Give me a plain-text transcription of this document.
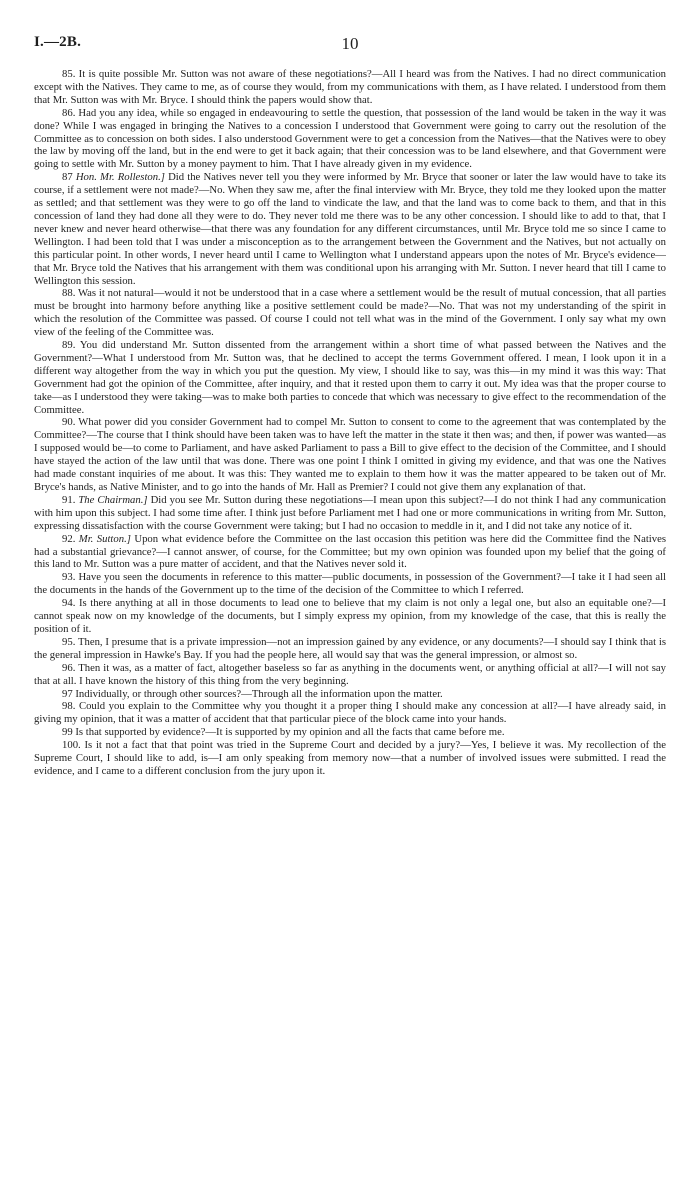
I.—2B.	10

85. It is quite possible Mr. Sutton was not aware of these negotiations?—All I heard was from the Natives. I had no direct communication except with the Natives. They came to me, as of course they would, from my communications with them, as I have related. I understood from them that Mr. Sutton was with Mr. Bryce. I should think the papers would show that.

86. Had you any idea, while so engaged in endeavouring to settle the question, that possession of the land would be taken in the way it was done? While I was engaged in bringing the Natives to a concession I understood that Government were going to carry out the resolution of the Committee as to concession on both sides. I also understood Government were to get a concession from the Natives—that the Natives were to obey the law by moving off the land, but in the end were to get it back again; that their concession was to be land elsewhere, and that Government were going to settle with Mr. Sutton by a money payment to him. That I have already given in my evidence.

87 Hon. Mr. Rolleston.] Did the Natives never tell you they were informed by Mr. Bryce that sooner or later the law would have to take its course, if a settlement were not made?—No. When they saw me, after the final interview with Mr. Bryce, they told me they looked upon the matter as settled; and that settlement was they were to go off the land to vindicate the law, and that the land was to come back to them, and that in this concession of land they had done all they were to do. They never told me there was to be any other concession. I should like to add to that, that I never knew and never heard otherwise—that there was any foundation for any different circumstances, until Mr. Bryce told me so since I came to Wellington. I had been told that I was under a misconception as to the arrangement between the Government and the Natives, but not actually on this particular point. In other words, I never heard until I came to Wellington what I understand appears upon the notes of Mr. Bryce's evidence—that Mr. Bryce told the Natives that his arrangement with them was conditional upon his arranging with Mr. Sutton. I never heard that till I came to Wellington this session.

88. Was it not natural—would it not be understood that in a case where a settlement would be the result of mutual concession, that all parties must be brought into harmony before anything like a positive settlement could be made?—No. That was not my understanding of the spirit in which the resolution of the Committee was passed. Of course I could not tell what was in the mind of the Government. I only say what my own view of the feeling of the Committee was.

89. You did understand Mr. Sutton dissented from the arrangement within a short time of what passed between the Natives and the Government?—What I understood from Mr. Sutton was, that he declined to accept the terms Government offered. I mean, I look upon it in a different way altogether from the way in which you put the question. My view, I should like to say, was this—in my mind it was this way: That Government had got the opinion of the Committee, after inquiry, and that it rested upon them to carry it out. My idea was that the proper course to take—as I understood they were taking—was to make both parties to concede that which was necessary to give effect to the recommendation of the Committee.

90. What power did you consider Government had to compel Mr. Sutton to consent to come to the agreement that was contemplated by the Committee?—The course that I think should have been taken was to have left the matter in the state it then was; and then, if power was wanted—as I supposed would be—to come to Parliament, and have asked Parliament to pass a Bill to give effect to the decision of the Committee, and I should have stayed the action of the law until that was done. There was one point I think I omitted in giving my evidence, and that was one the Natives had made constant inquiries of me about. It was this: They wanted me to explain to them how it was the matter appeared to be taken out of Mr. Bryce's hands, as Native Minister, and to go into the hands of Mr. Hall as Premier? I could not give them any explanation of that.

91. The Chairman.] Did you see Mr. Sutton during these negotiations—I mean upon this subject?—I do not think I had any communication with him upon this subject. I had some time after. I think just before Parliament met I had one or more communications in writing from Mr. Sutton, expressing dissatisfaction with the course Government were taking; but I had no occasion to meddle in it, and I did not take any notice of it.

92. Mr. Sutton.] Upon what evidence before the Committee on the last occasion this petition was here did the Committee find the Natives had a substantial grievance?—I cannot answer, of course, for the Committee; but my own opinion was founded upon my belief that the going of this land to Mr. Sutton was a pure matter of accident, and that the Natives never sold it.

93. Have you seen the documents in reference to this matter—public documents, in possession of the Government?—I take it I had seen all the documents in the hands of the Government up to the time of the decision of the Committee to which I referred.

94. Is there anything at all in those documents to lead one to believe that my claim is not only a legal one, but also an equitable one?—I cannot speak now on my knowledge of the documents, but I simply express my opinion, from my knowledge of the case, that this is really the position of it.

95. Then, I presume that is a private impression—not an impression gained by any evidence, or any documents?—I should say I think that is the general impression in Hawke's Bay. If you had the people here, all would say that was the general impression, or almost so.

96. Then it was, as a matter of fact, altogether baseless so far as anything in the documents went, or anything official at all?—I will not say that at all. I have known the history of this thing from the very beginning.

97 Individually, or through other sources?—Through all the information upon the matter.

98. Could you explain to the Committee why you thought it a proper thing I should make any concession at all?—I have already said, in giving my opinion, that it was a matter of accident that that particular piece of the block came into your hands.

99 Is that supported by evidence?—It is supported by my opinion and all the facts that came before me.

100. Is it not a fact that that point was tried in the Supreme Court and decided by a jury?—Yes, I believe it was. My recollection of the Supreme Court, I should like to add, is—I am only speaking from memory now—that a number of involved issues were submitted. I read the evidence, and I came to a different conclusion from the jury upon it.
